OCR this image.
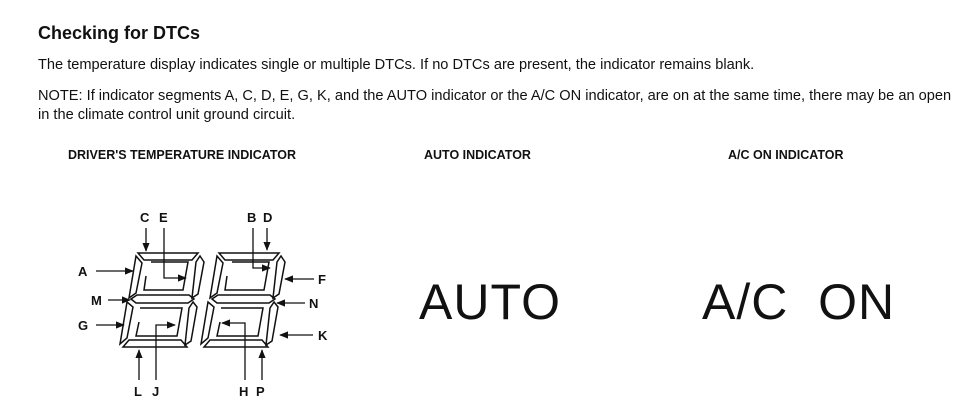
Checking for DTCs

The temperature display indicates single or multiple DTCs. If no DTCs are present, the indicator remains blank.

NOTE: If indicator segments A, C, D, E, G, K, and the AUTO indicator or the A/C ON indicator, are on at the same time, there may be an open in the climate control unit ground circuit.

DRIVER'S TEMPERATURE INDICATOR	AUTO INDICATOR	A/C ON INDICATOR

C E	B D
A
F
M	N
G
K
L J	H P

AUTO	A/C  ON
